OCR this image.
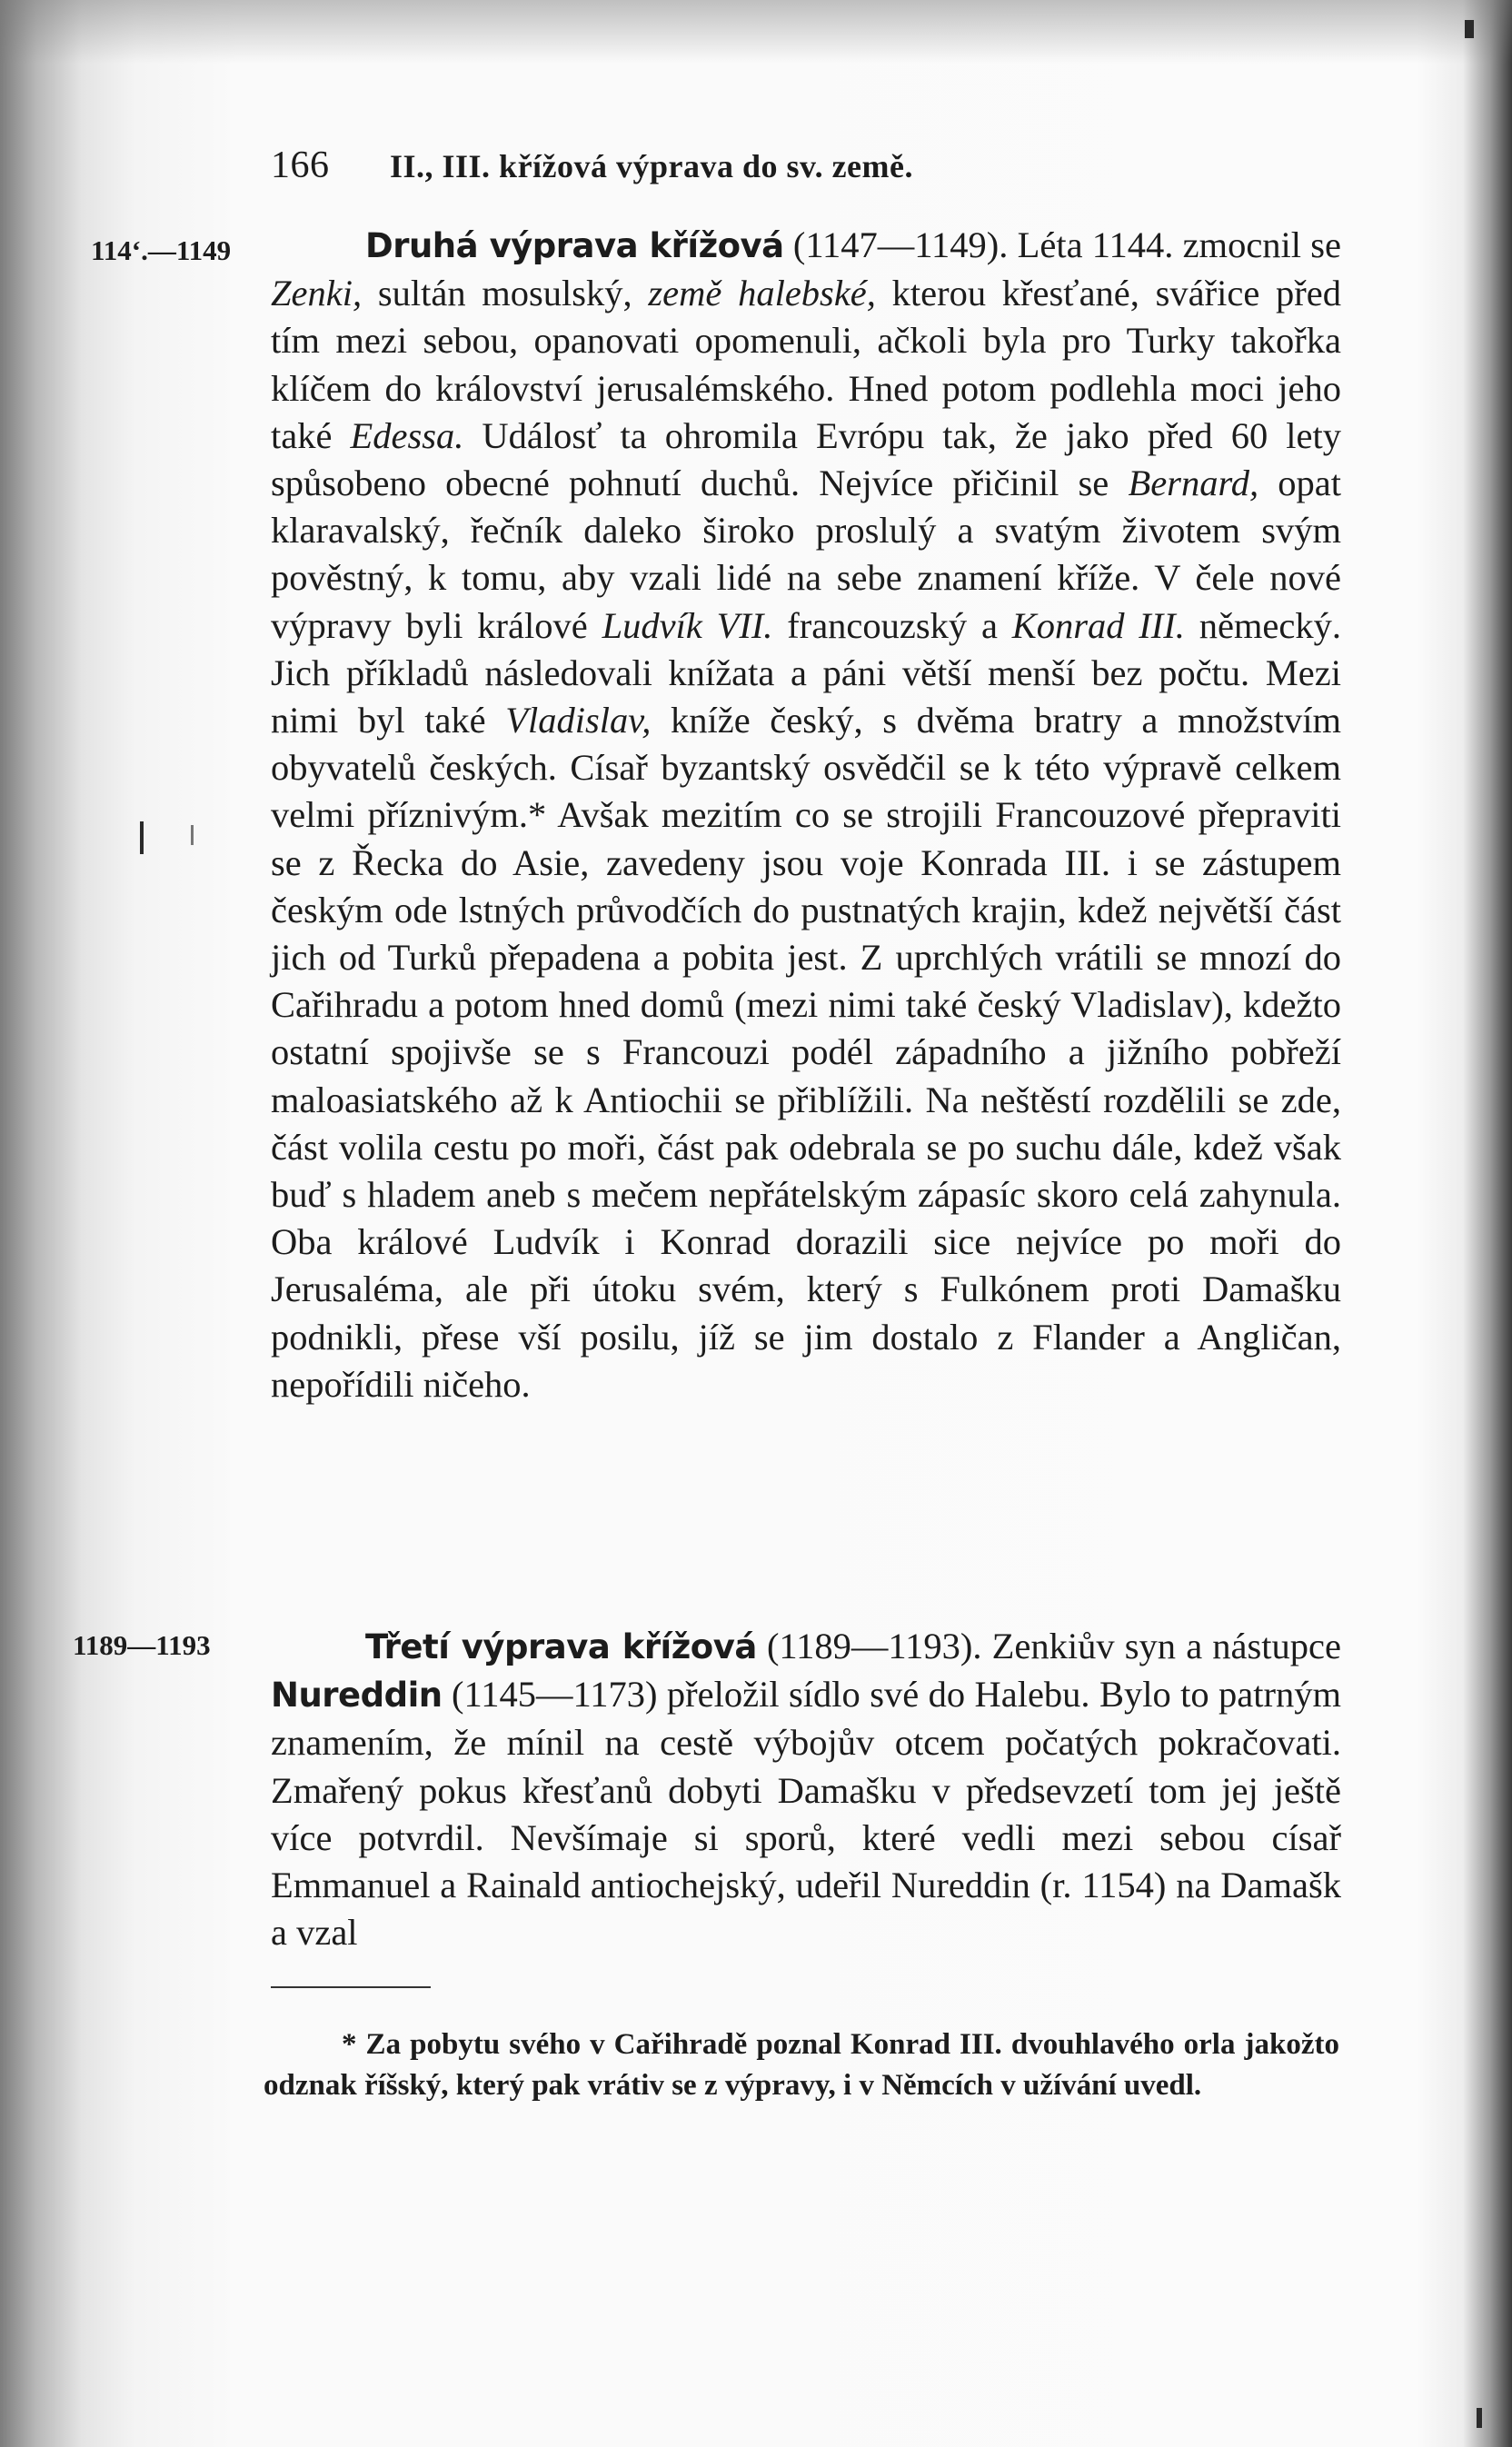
166 II., III. křížová výprava do sv. země.
114‘.—1149
1189—1193

Druhá výprava křížová (1147—1149). Léta 1144. zmocnil se Zenki, sultán mosulský, země halebské, kterou křesťané, svářice před tím mezi sebou, opanovati opomenuli, ačkoli byla pro Turky takořka klíčem do království jerusalémského. Hned potom podlehla moci jeho také Edessa. Událosť ta ohromila Evrópu tak, že jako před 60 lety spůsobeno obecné pohnutí duchů. Nejvíce přičinil se Bernard, opat klaravalský, řečník daleko široko proslulý a svatým životem svým pověstný, k tomu, aby vzali lidé na sebe znamení kříže. V čele nové výpravy byli králové Ludvík VII. francouzský a Konrad III. německý. Jich příkladů následovali knížata a páni větší menší bez počtu. Mezi nimi byl také Vladislav, kníže český, s dvěma bratry a množstvím obyvatelů českých. Císař byzantský osvědčil se k této výpravě celkem velmi příznivým.* Avšak mezitím co se strojili Francouzové přepraviti se z Řecka do Asie, zavedeny jsou voje Konrada III. i se zástupem českým ode lstných průvodčích do pustnatých krajin, kdež největší část jich od Turků přepadena a pobita jest. Z uprchlých vrátili se mnozí do Cařihradu a potom hned domů (mezi nimi také český Vladislav), kdežto ostatní spojivše se s Francouzi podél západního a jižního pobřeží maloasiatského až k Antiochii se přiblížili. Na neštěstí rozdělili se zde, část volila cestu po moři, část pak odebrala se po suchu dále, kdež však buď s hladem aneb s mečem nepřátelským zápasíc skoro celá zahynula. Oba králové Ludvík i Konrad dorazili sice nejvíce po moři do Jerusaléma, ale při útoku svém, který s Fulkónem proti Damašku podnikli, přese vší posilu, jíž se jim dostalo z Flander a Angličan, nepořídili ničeho.

Třetí výprava křížová (1189—1193). Zenkiův syn a nástupce Nureddin (1145—1173) přeložil sídlo své do Halebu. Bylo to patrným znamením, že mínil na cestě výbojův otcem počatých pokračovati. Zmařený pokus křesťanů dobyti Damašku v předsevzetí tom jej ještě více potvrdil. Nevšímaje si sporů, které vedli mezi sebou císař Emmanuel a Rainald antiochejský, udeřil Nureddin (r. 1154) na Damašk a vzal

* Za pobytu svého v Cařihradě poznal Konrad III. dvouhlavého orla jakožto odznak říšský, který pak vrátiv se z výpravy, i v Němcích v užívání uvedl.
